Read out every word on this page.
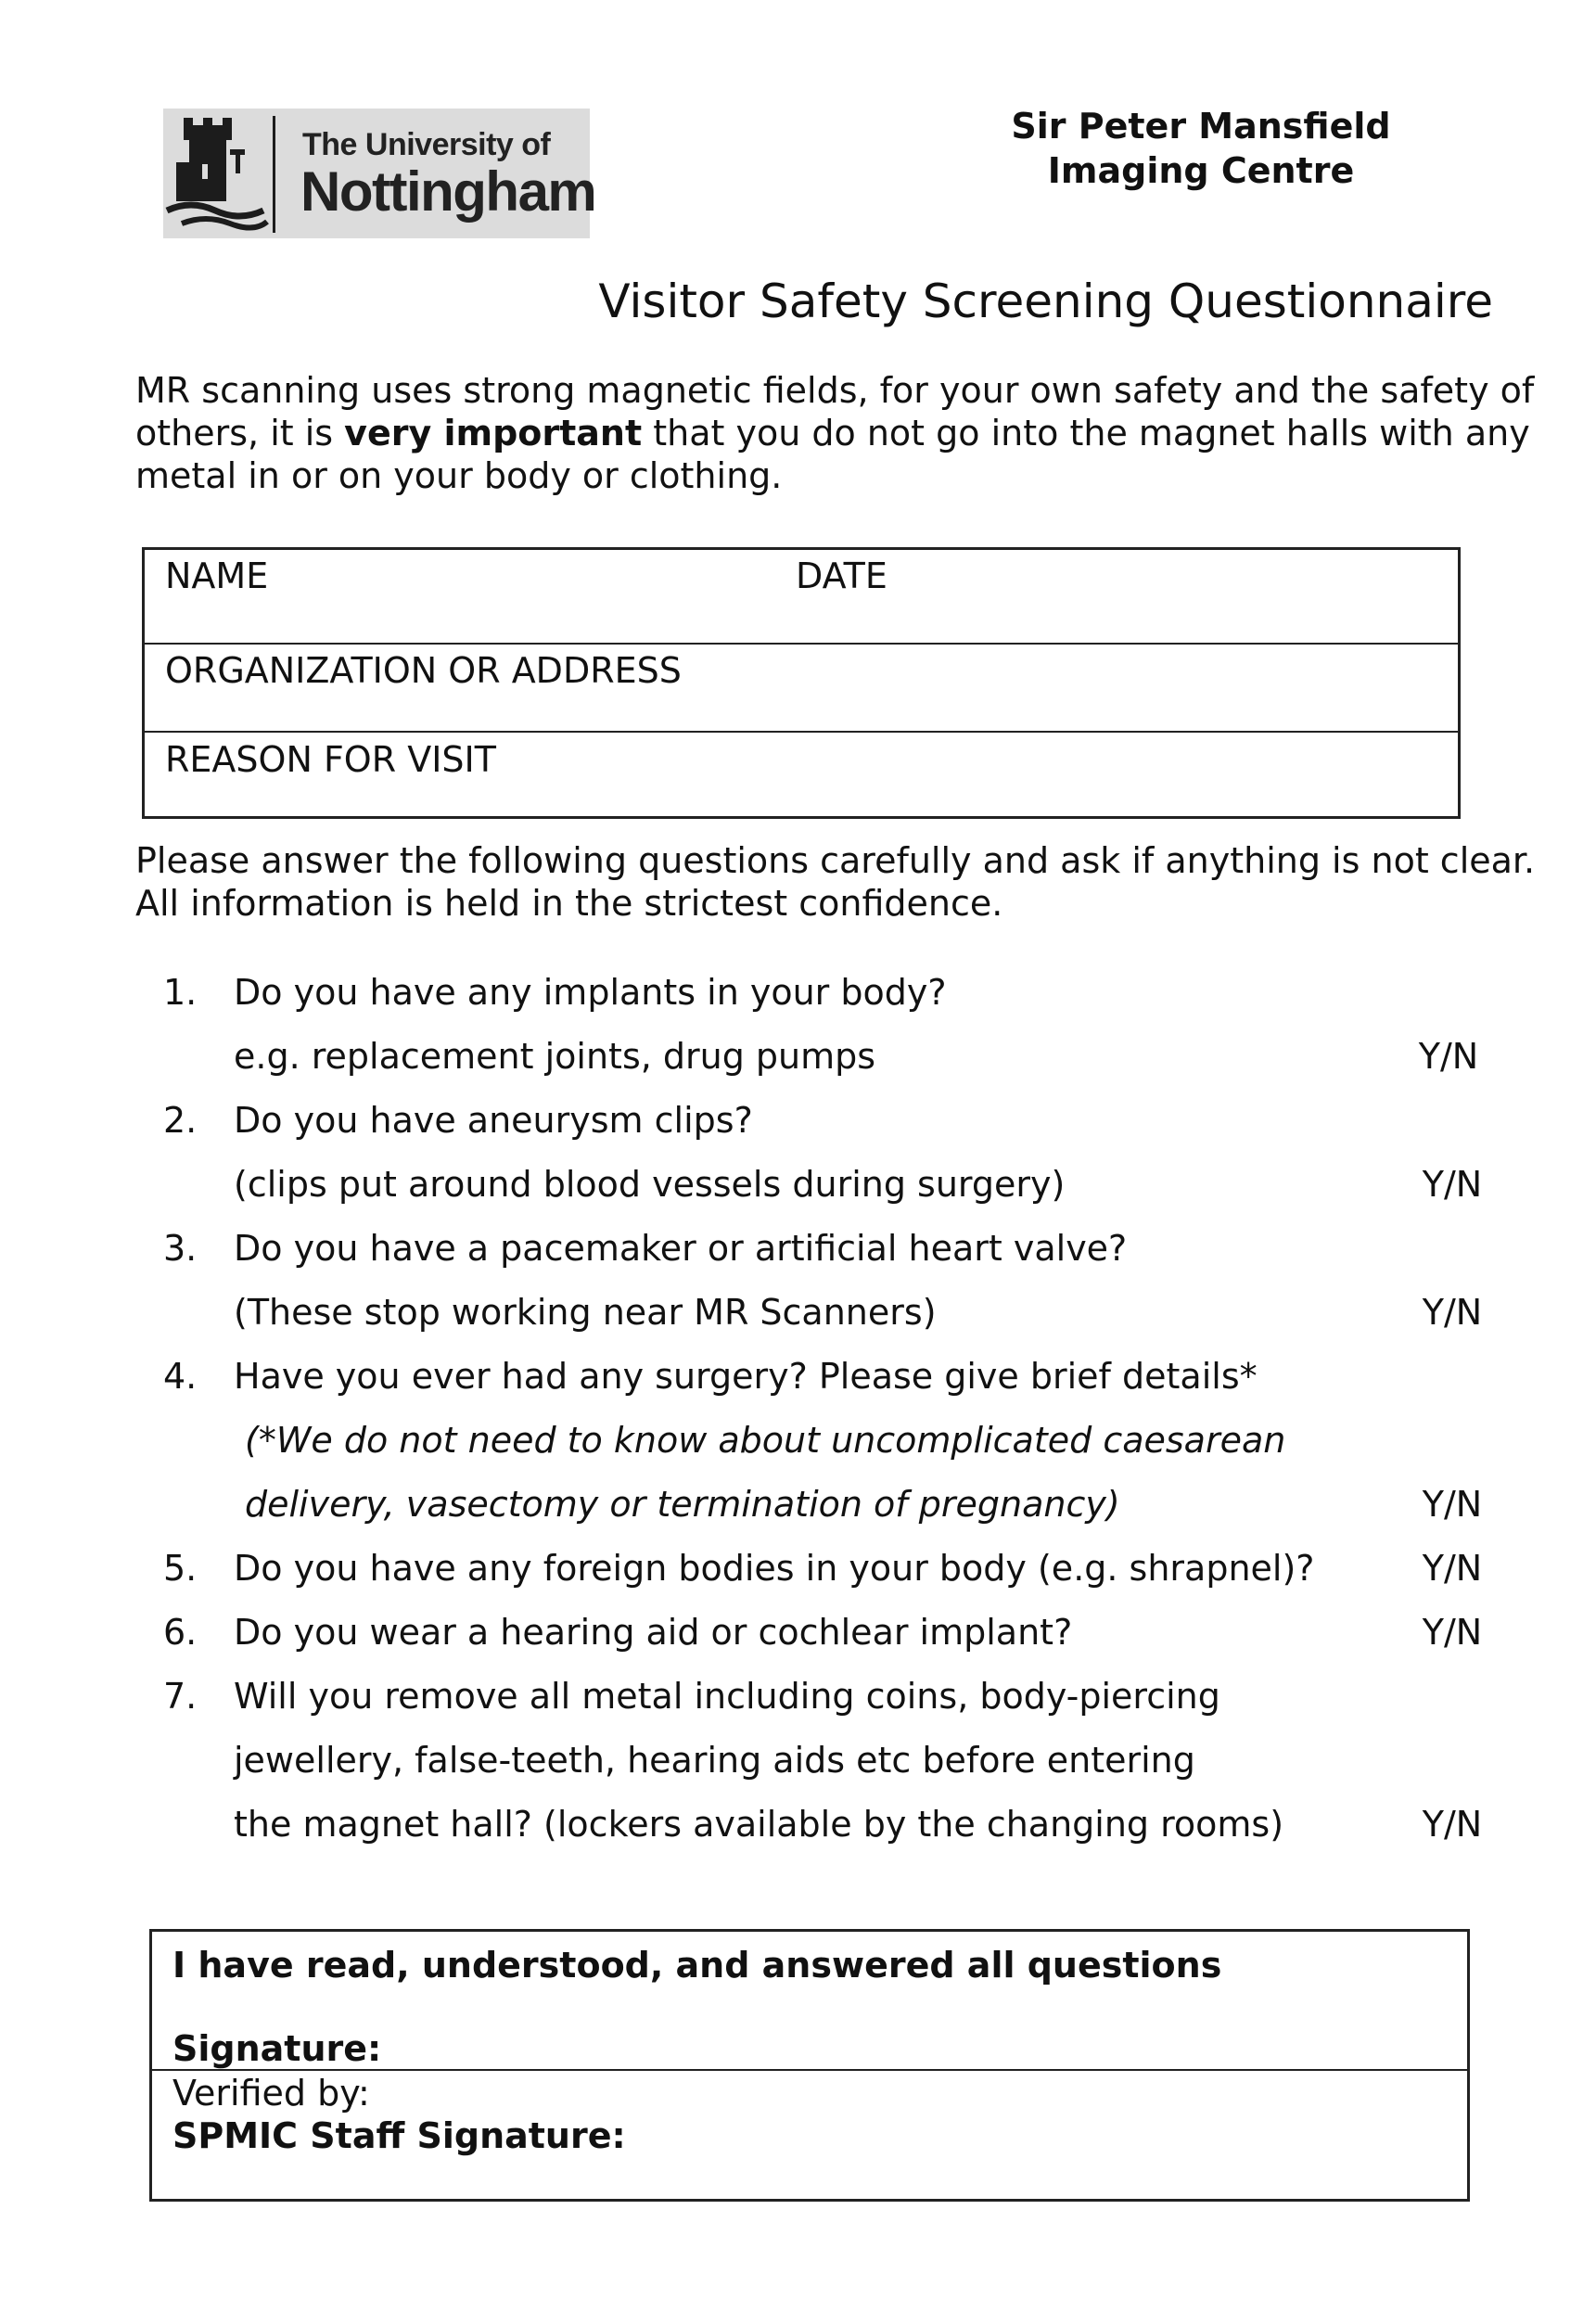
The University of
Nottingham
Sir Peter Mansfield
Imaging Centre
Visitor Safety Screening Questionnaire
MR scanning uses strong magnetic fields, for your own safety and the safety of others, it is very important that you do not go into the magnet halls with any metal in or on your body or clothing.
NAME	DATE
ORGANIZATION OR ADDRESS
REASON FOR VISIT
Please answer the following questions carefully and ask if anything is not clear.
All information is held in the strictest confidence.
1.	Do you have any implants in your body?
e.g. replacement joints, drug pumps	Y/N
2.	Do you have aneurysm clips?
(clips put around blood vessels during surgery)	Y/N
3.	Do you have a pacemaker or artificial heart valve?
(These stop working near MR Scanners)	Y/N
4.	Have you ever had any surgery? Please give brief details*
(*We do not need to know about uncomplicated caesarean
delivery, vasectomy or termination of pregnancy)	Y/N
5.	Do you have any foreign bodies in your body (e.g. shrapnel)?	Y/N
6.	Do you wear a hearing aid or cochlear implant?	Y/N
7.	Will you remove all metal including coins, body-piercing
jewellery, false-teeth, hearing aids etc before entering
the magnet hall? (lockers available by the changing rooms)	Y/N
I have read, understood, and answered all questions
Signature:
Verified by:
SPMIC Staff Signature:
